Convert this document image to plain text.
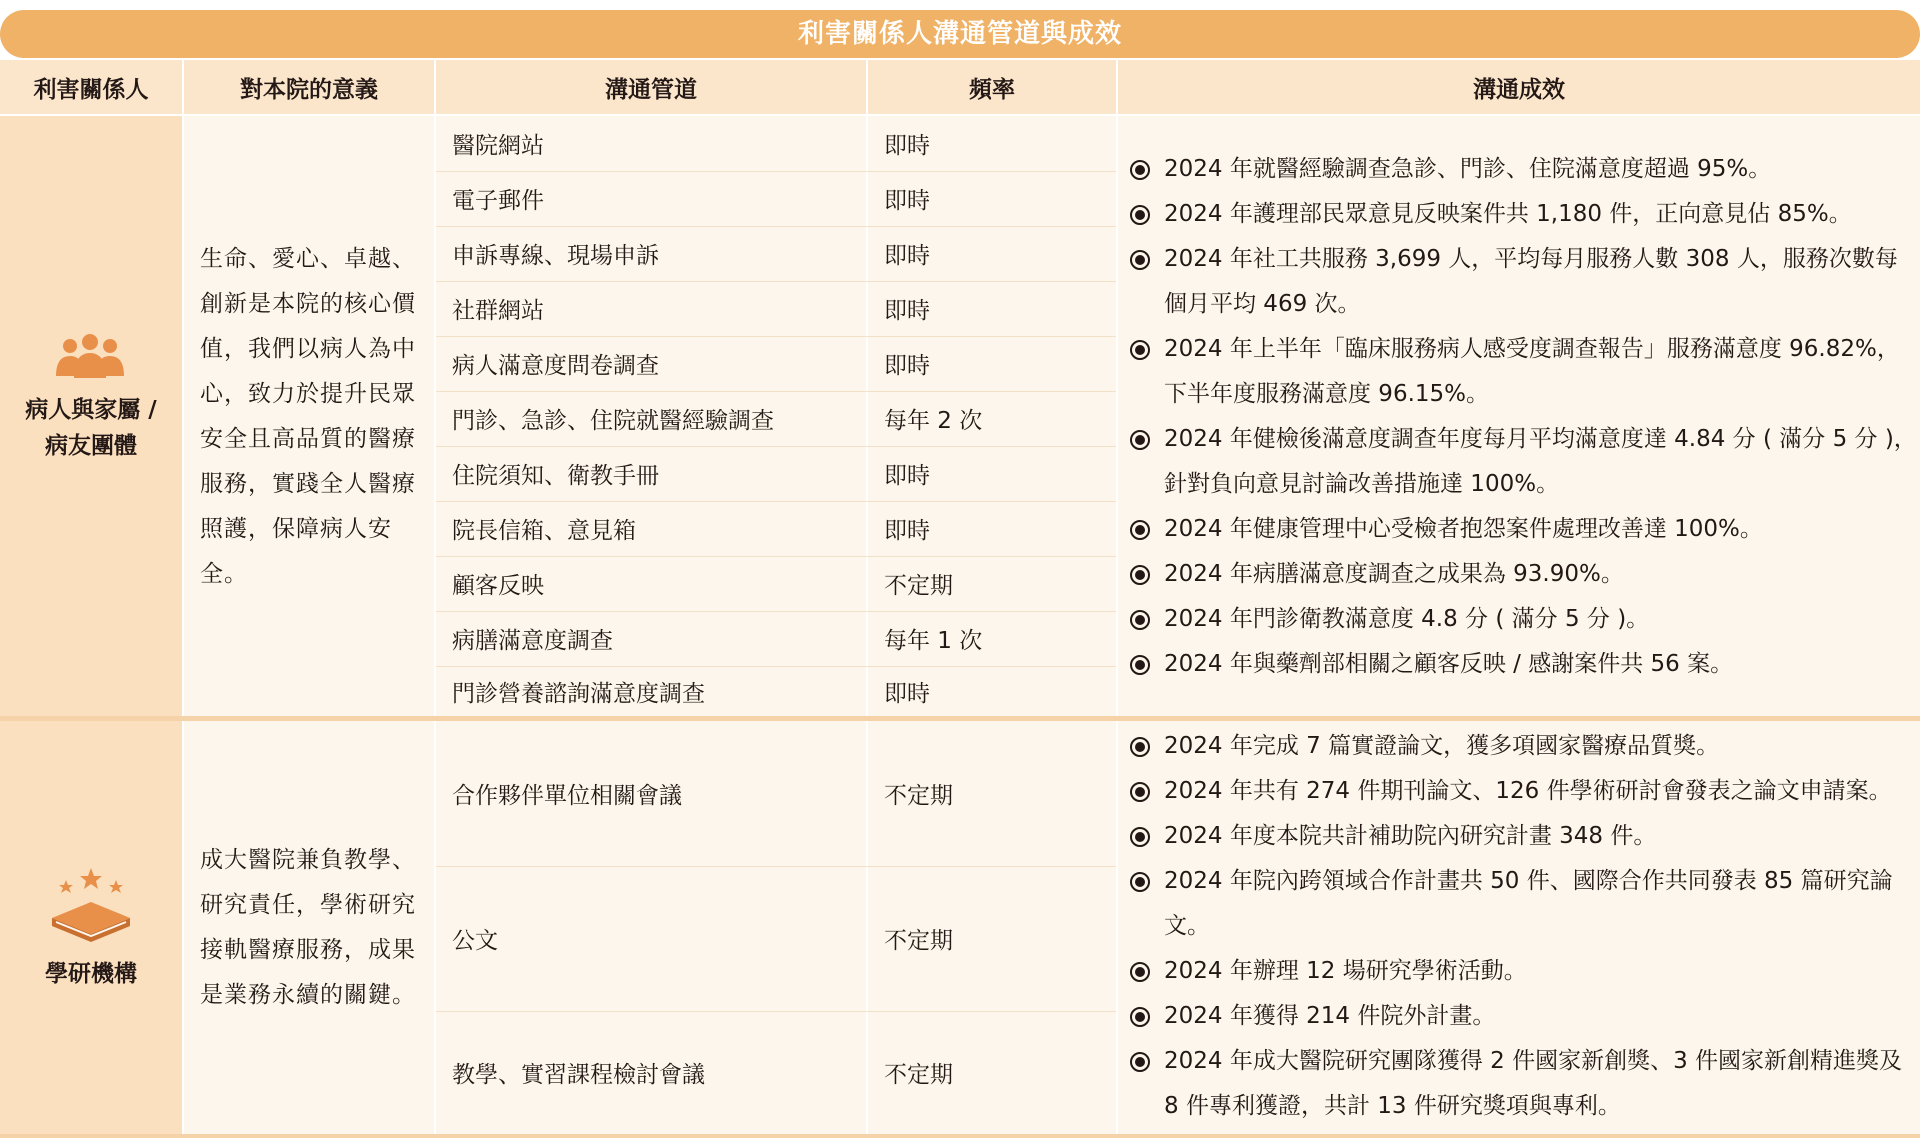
利害關係人溝通管道與成效
利害關係人	對本院的意義	溝通管道	頻率	溝通成效
病人與家屬 /
病友團體
生命、愛心、卓越、創新是本院的核心價值，我們以病人為中心，致力於提升民眾安全且高品質的醫療服務，實踐全人醫療照護，保障病人安全。
醫院網站	即時
電子郵件	即時
申訴專線、現場申訴	即時
社群網站	即時
病人滿意度問卷調查	即時
門診、急診、住院就醫經驗調查	每年 2 次
住院須知、衛教手冊	即時
院長信箱、意見箱	即時
顧客反映	不定期
病膳滿意度調查	每年 1 次
門診營養諮詢滿意度調查	即時
2024 年就醫經驗調查急診、門診、住院滿意度超過 95%。
2024 年護理部民眾意見反映案件共 1,180 件，正向意見佔 85%。
2024 年社工共服務 3,699 人，平均每月服務人數 308 人，服務次數每個月平均 469 次。
2024 年上半年「臨床服務病人感受度調查報告」服務滿意度 96.82%，下半年度服務滿意度 96.15%。
2024 年健檢後滿意度調查年度每月平均滿意度達 4.84 分 ( 滿分 5 分 )，針對負向意見討論改善措施達 100%。
2024 年健康管理中心受檢者抱怨案件處理改善達 100%。
2024 年病膳滿意度調查之成果為 93.90%。
2024 年門診衛教滿意度 4.8 分 ( 滿分 5 分 )。
2024 年與藥劑部相關之顧客反映 / 感謝案件共 56 案。
學研機構
成大醫院兼負教學、研究責任，學術研究接軌醫療服務，成果是業務永續的關鍵。
合作夥伴單位相關會議	不定期
公文	不定期
教學、實習課程檢討會議	不定期
2024 年完成 7 篇實證論文，獲多項國家醫療品質獎。
2024 年共有 274 件期刊論文、126 件學術研討會發表之論文申請案。
2024 年度本院共計補助院內研究計畫 348 件。
2024 年院內跨領域合作計畫共 50 件、國際合作共同發表 85 篇研究論文。
2024 年辦理 12 場研究學術活動。
2024 年獲得 214 件院外計畫。
2024 年成大醫院研究團隊獲得 2 件國家新創獎、3 件國家新創精進獎及 8 件專利獲證，共計 13 件研究獎項與專利。
